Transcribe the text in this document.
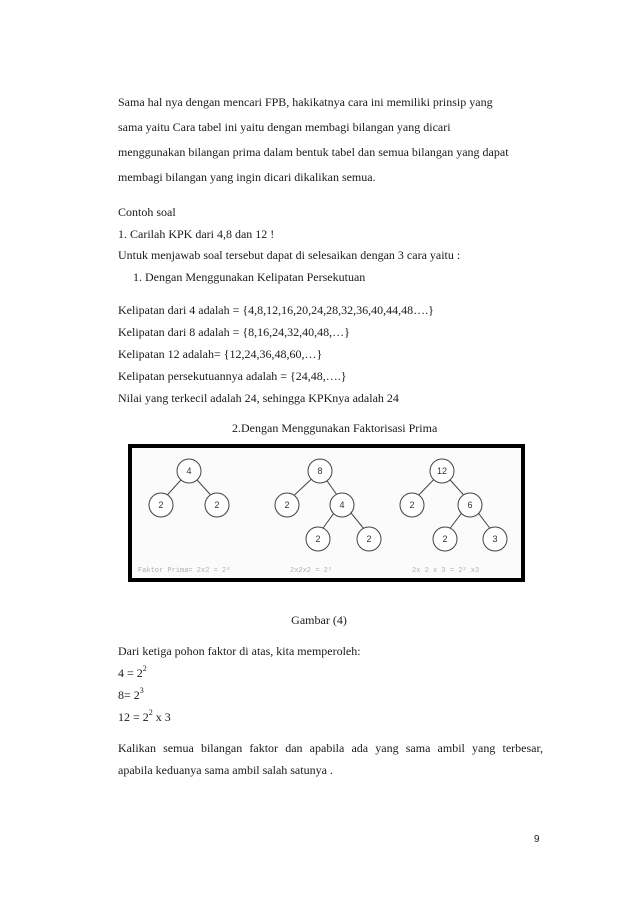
Sama hal nya dengan mencari FPB, hakikatnya cara ini memiliki prinsip yang
sama yaitu Cara tabel ini yaitu dengan membagi bilangan yang dicari
menggunakan bilangan prima dalam bentuk tabel dan semua bilangan yang dapat
membagi bilangan yang ingin dicari dikalikan semua.
Contoh soal
1. Carilah KPK dari 4,8 dan 12 !
Untuk menjawab soal tersebut dapat di selesaikan dengan 3 cara yaitu :
1. Dengan Menggunakan Kelipatan Persekutuan
Kelipatan dari 4 adalah = {4,8,12,16,20,24,28,32,36,40,44,48….}
Kelipatan dari 8 adalah = {8,16,24,32,40,48,…}
Kelipatan 12 adalah= {12,24,36,48,60,…}
Kelipatan persekutuannya adalah = {24,48,….}
Nilai yang terkecil adalah 24, sehingga KPKnya adalah 24
2.Dengan Menggunakan Faktorisasi Prima
4
2	2
8
2	4
2	2
12
2	6
2	3
Faktor Prima= 2x2 = 2²	2x2x2 = 2³	2x 2 x 3 = 2² x3
Gambar (4)
Dari ketiga pohon faktor di atas, kita memperoleh:
$4 = 2^2$
$8= 2^3$
$12 = 2^2$ x 3
Kalikan semua bilangan faktor dan apabila ada yang sama ambil yang terbesar,
apabila keduanya sama ambil salah satunya .
9
